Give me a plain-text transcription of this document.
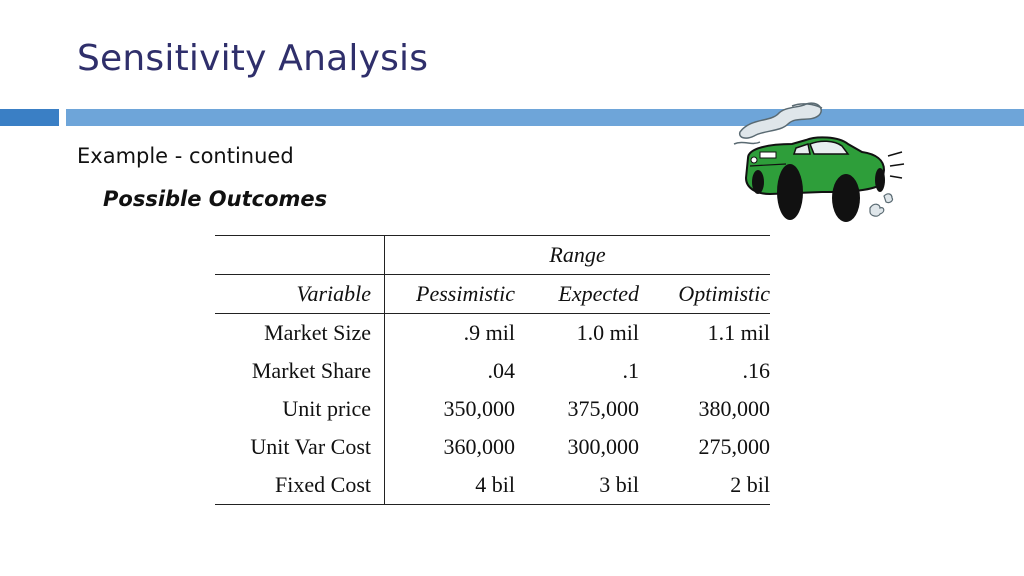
Sensitivity Analysis
Example - continued
Possible Outcomes
	Range		
Variable	Pessimistic	Expected	Optimistic
Market Size	.9 mil	1.0 mil	1.1 mil
Market Share	.04	.1	.16
Unit price	350,000	375,000	380,000
Unit Var Cost	360,000	300,000	275,000
Fixed Cost	4 bil	3 bil	2 bil
